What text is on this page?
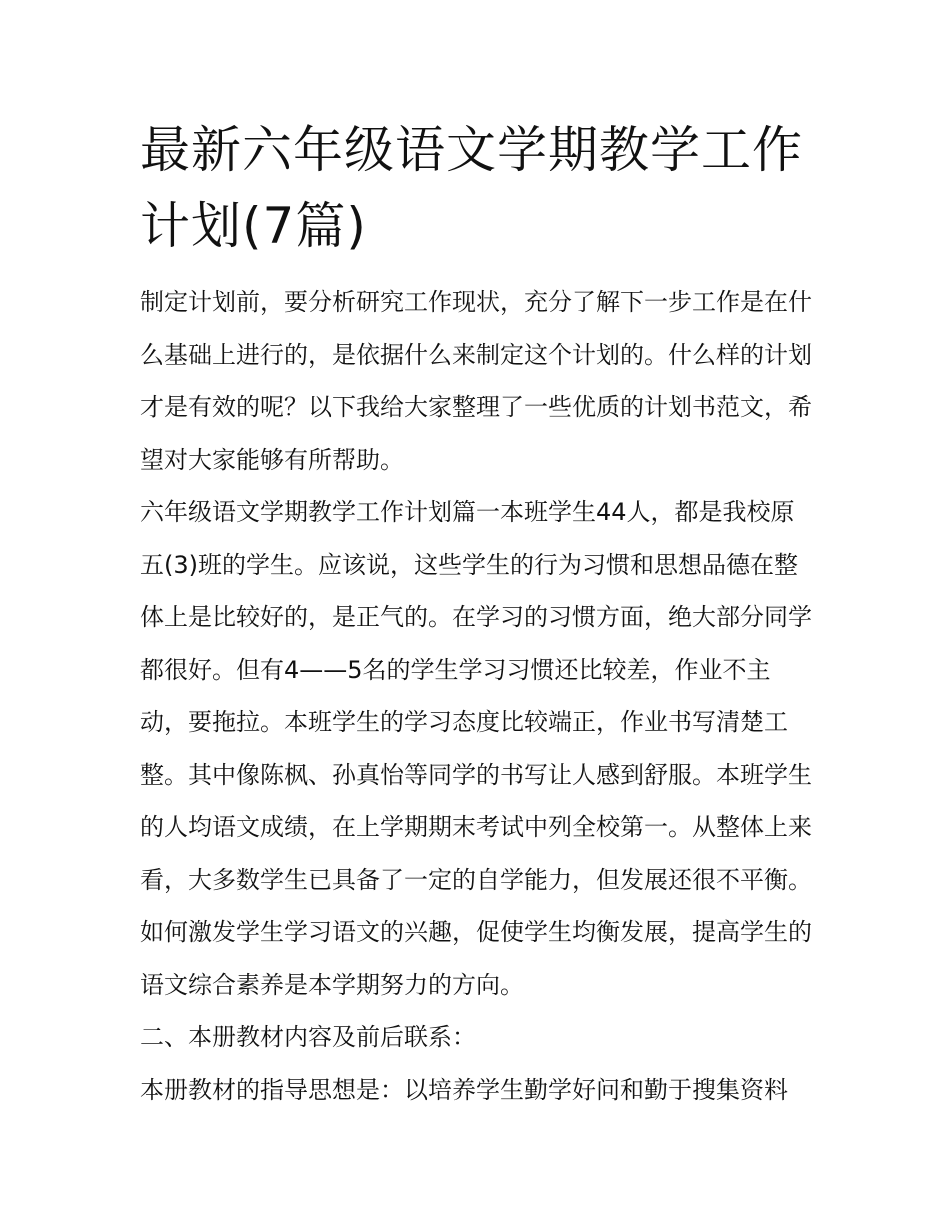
最新六年级语文学期教学工作计划(7篇)

制定计划前，要分析研究工作现状，充分了解下一步工作是在什么基础上进行的，是依据什么来制定这个计划的。什么样的计划才是有效的呢？以下我给大家整理了一些优质的计划书范文，希望对大家能够有所帮助。

六年级语文学期教学工作计划篇一本班学生44人，都是我校原五(3)班的学生。应该说，这些学生的行为习惯和思想品德在整体上是比较好的，是正气的。在学习的习惯方面，绝大部分同学都很好。但有4——5名的学生学习习惯还比较差，作业不主动，要拖拉。本班学生的学习态度比较端正，作业书写清楚工整。其中像陈枫、孙真怡等同学的书写让人感到舒服。本班学生的人均语文成绩，在上学期期末考试中列全校第一。从整体上来看，大多数学生已具备了一定的自学能力，但发展还很不平衡。如何激发学生学习语文的兴趣，促使学生均衡发展，提高学生的语文综合素养是本学期努力的方向。

二、本册教材内容及前后联系：

本册教材的指导思想是：以培养学生勤学好问和勤于搜集资料
